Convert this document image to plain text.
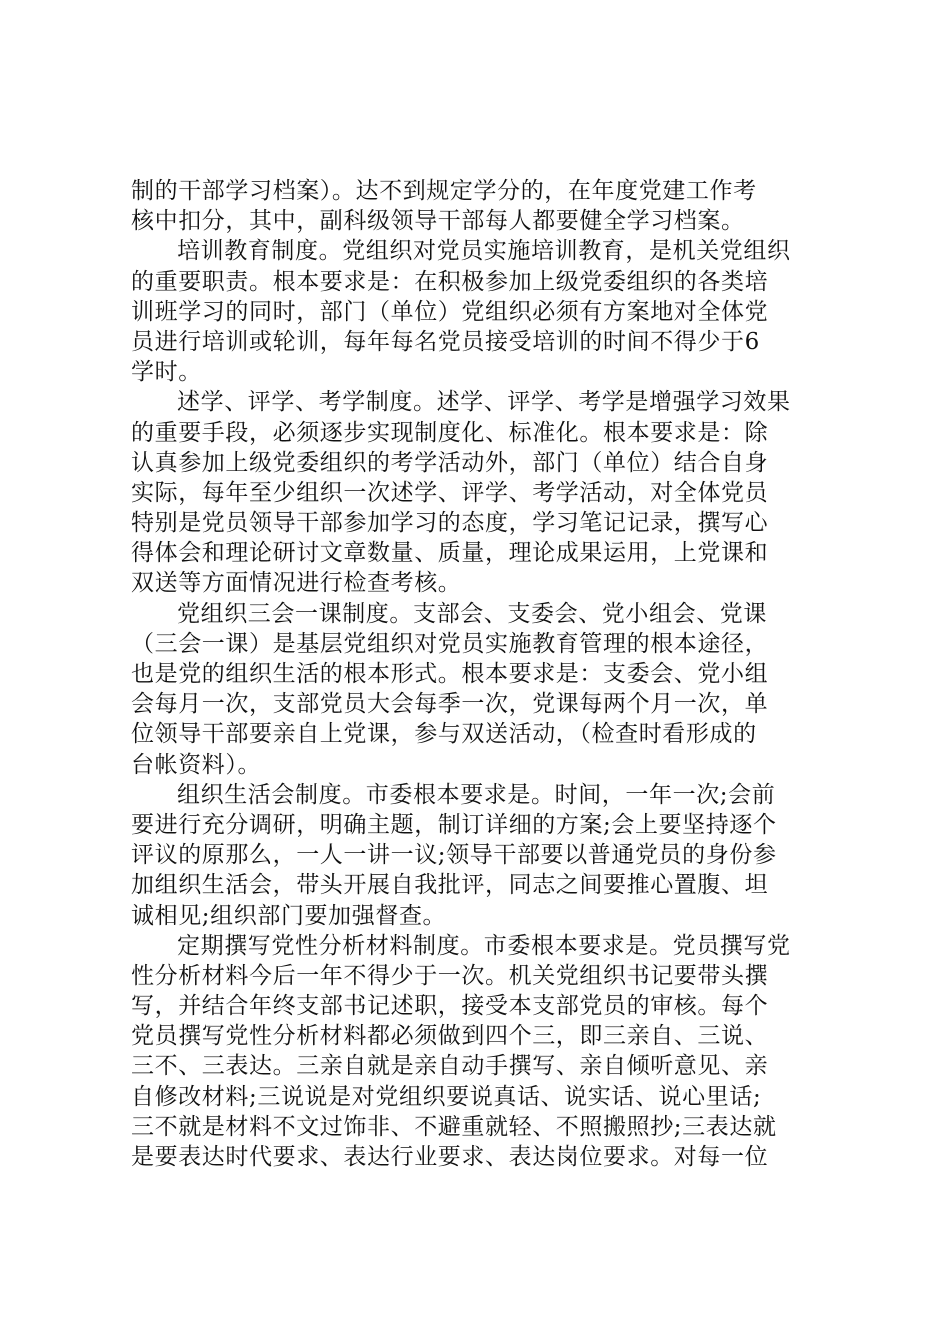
制的干部学习档案）。达不到规定学分的，在年度党建工作考
核中扣分，其中，副科级领导干部每人都要健全学习档案。
培训教育制度。党组织对党员实施培训教育，是机关党组织
的重要职责。根本要求是：在积极参加上级党委组织的各类培
训班学习的同时，部门（单位）党组织必须有方案地对全体党
员进行培训或轮训，每年每名党员接受培训的时间不得少于6
学时。
述学、评学、考学制度。述学、评学、考学是增强学习效果
的重要手段，必须逐步实现制度化、标准化。根本要求是：除
认真参加上级党委组织的考学活动外，部门（单位）结合自身
实际，每年至少组织一次述学、评学、考学活动，对全体党员
特别是党员领导干部参加学习的态度，学习笔记记录，撰写心
得体会和理论研讨文章数量、质量，理论成果运用，上党课和
双送等方面情况进行检查考核。
党组织三会一课制度。支部会、支委会、党小组会、党课
（三会一课）是基层党组织对党员实施教育管理的根本途径，
也是党的组织生活的根本形式。根本要求是：支委会、党小组
会每月一次，支部党员大会每季一次，党课每两个月一次，单
位领导干部要亲自上党课，参与双送活动，（检查时看形成的
台帐资料）。
组织生活会制度。市委根本要求是。时间，一年一次;会前
要进行充分调研，明确主题，制订详细的方案;会上要坚持逐个
评议的原那么，一人一讲一议;领导干部要以普通党员的身份参
加组织生活会，带头开展自我批评，同志之间要推心置腹、坦
诚相见;组织部门要加强督查。
定期撰写党性分析材料制度。市委根本要求是。党员撰写党
性分析材料今后一年不得少于一次。机关党组织书记要带头撰
写，并结合年终支部书记述职，接受本支部党员的审核。每个
党员撰写党性分析材料都必须做到四个三，即三亲自、三说、
三不、三表达。三亲自就是亲自动手撰写、亲自倾听意见、亲
自修改材料;三说说是对党组织要说真话、说实话、说心里话;
三不就是材料不文过饰非、不避重就轻、不照搬照抄;三表达就
是要表达时代要求、表达行业要求、表达岗位要求。对每一位
